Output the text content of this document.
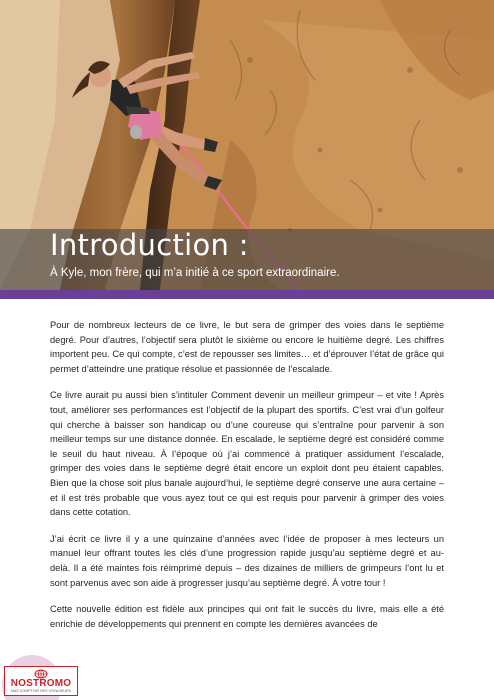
Introduction :

À Kyle, mon frère, qui m’a initié à ce sport extraordinaire.

Pour de nombreux lecteurs de ce livre, le but sera de grimper des voies dans le septième degré. Pour d’autres, l’objectif sera plutôt le sixième ou encore le huitième degré. Les chiffres importent peu. Ce qui compte, c’est de repousser ses limites… et d’éprouver l’état de grâce qui permet d’atteindre une pratique résolue et passionnée de l’escalade.

Ce livre aurait pu aussi bien s’intituler Comment devenir un meilleur grimpeur – et vite ! Après tout, améliorer ses performances est l’objectif de la plupart des sportifs. C’est vrai d’un golfeur qui cherche à baisser son handicap ou d’une coureuse qui s’entraîne pour parvenir à son meilleur temps sur une distance donnée. En escalade, le septième degré est considéré comme le seuil du haut niveau. À l’époque où j’ai commencé à pratiquer assidument l’escalade, grimper des voies dans le septième degré était encore un exploit dont peu étaient capables. Bien que la chose soit plus banale aujourd’hui, le septième degré conserve une aura certaine – et il est très probable que vous ayez tout ce qui est requis pour parvenir à grimper des voies dans cette cotation.

J’ai écrit ce livre il y a une quinzaine d’années avec l’idée de proposer à mes lecteurs un manuel leur offrant toutes les clés d’une progression rapide jusqu’au septième degré et au-delà. Il a été maintes fois réimprimé depuis – des dizaines de milliers de grimpeurs l’ont lu et sont parvenus avec son aide à progresser jusqu’au septième degré. À votre tour !

Cette nouvelle édition est fidèle aux principes qui ont fait le succès du livre, mais elle a été enrichie de développements qui prennent en compte les dernières avancées de

NOSTROMO
MAS COMPTOIR DES VOYAGEURS
